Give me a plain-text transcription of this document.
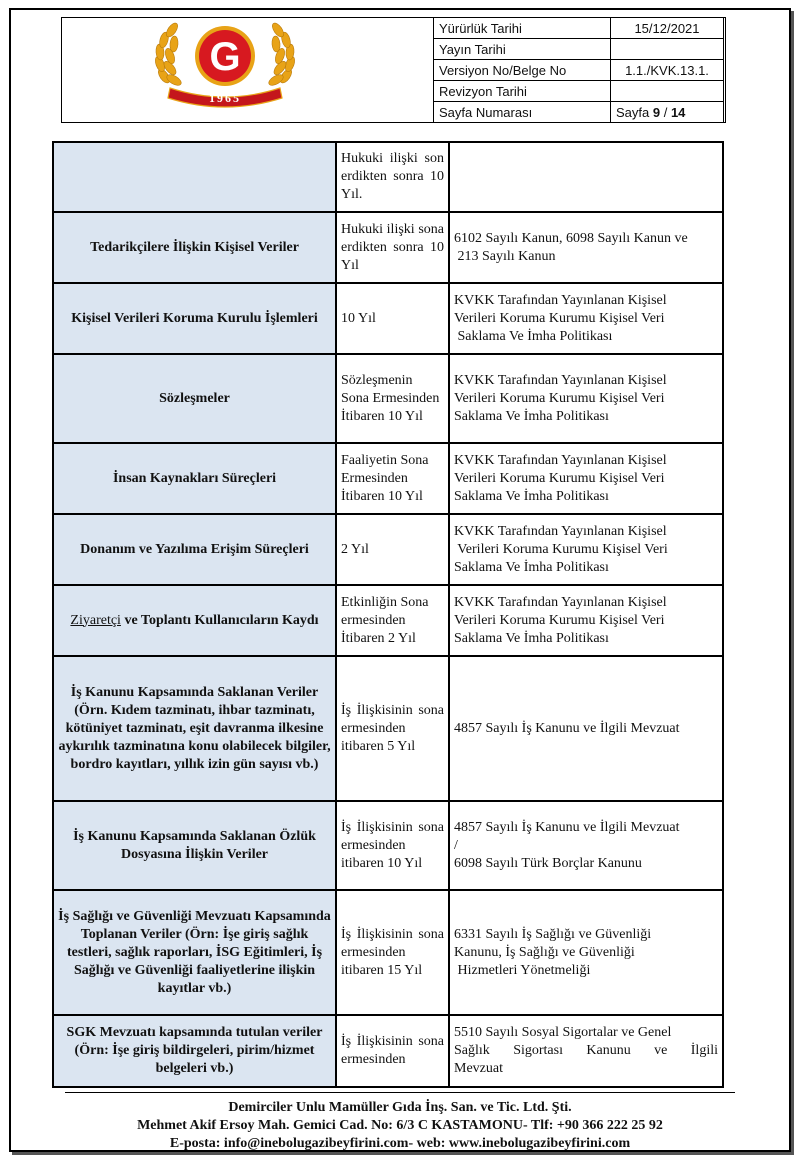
G
1965
Yürürlük Tarihi	15/12/2021
Yayın Tarihi	
Versiyon No/Belge No	1.1./KVK.13.1.
Revizyon Tarihi	
Sayfa Numarası	Sayfa 9 / 14
	Hukuki ilişki son erdikten sonra 10 Yıl.	
Tedarikçilere İlişkin Kişisel Veriler	Hukuki ilişki sona erdikten sonra 10 Yıl	6102 Sayılı Kanun, 6098 Sayılı Kanun ve
213 Sayılı Kanun

Kişisel Verileri Koruma Kurulu İşlemleri	10 Yıl	KVKK Tarafından Yayınlanan Kişisel
Verileri Koruma Kurumu Kişisel Veri
Saklama Ve İmha Politikası

Sözleşmeler	Sözleşmenin Sona Ermesinden İtibaren 10 Yıl	KVKK Tarafından Yayınlanan Kişisel
Verileri Koruma Kurumu Kişisel Veri
Saklama Ve İmha Politikası

İnsan Kaynakları Süreçleri	Faaliyetin Sona Ermesinden İtibaren 10 Yıl	KVKK Tarafından Yayınlanan Kişisel
Verileri Koruma Kurumu Kişisel Veri
Saklama Ve İmha Politikası

Donanım ve Yazılıma Erişim Süreçleri	2 Yıl	KVKK Tarafından Yayınlanan Kişisel
Verileri Koruma Kurumu Kişisel Veri
Saklama Ve İmha Politikası

Ziyaretçi ve Toplantı Kullanıcıların Kaydı	Etkinliğin Sona ermesinden İtibaren 2 Yıl	KVKK Tarafından Yayınlanan Kişisel
Verileri Koruma Kurumu Kişisel Veri
Saklama Ve İmha Politikası

İş Kanunu Kapsamında Saklanan Veriler (Örn. Kıdem tazminatı, ihbar tazminatı, kötüniyet tazminatı, eşit davranma ilkesine aykırılık tazminatına konu olabilecek bilgiler, bordro kayıtları, yıllık izin gün sayısı vb.)	İş İlişkisinin sona ermesinden itibaren 5 Yıl	4857 Sayılı İş Kanunu ve İlgili Mevzuat

İş Kanunu Kapsamında Saklanan Özlük Dosyasına İlişkin Veriler	İş İlişkisinin sona ermesinden itibaren 10 Yıl	4857 Sayılı İş Kanunu ve İlgili Mevzuat
/
6098 Sayılı Türk Borçlar Kanunu

İş Sağlığı ve Güvenliği Mevzuatı Kapsamında Toplanan Veriler (Örn: İşe giriş sağlık testleri, sağlık raporları, İSG Eğitimleri, İş Sağlığı ve Güvenliği faaliyetlerine ilişkin kayıtlar vb.)	İş İlişkisinin sona ermesinden itibaren 15 Yıl	6331 Sayılı İş Sağlığı ve Güvenliği
Kanunu, İş Sağlığı ve Güvenliği
Hizmetleri Yönetmeliği

SGK Mevzuatı kapsamında tutulan veriler (Örn: İşe giriş bildirgeleri, pirim/hizmet belgeleri vb.)	İş İlişkisinin sona ermesinden	5510 Sayılı Sosyal Sigortalar ve Genel
Sağlık Sigortası Kanunu ve İlgili
Mevzuat
Demirciler Unlu Mamüller Gıda İnş. San. ve Tic. Ltd. Şti.
Mehmet Akif Ersoy Mah. Gemici Cad. No: 6/3 C KASTAMONU- Tlf: +90 366 222 25 92
E-posta: info@inebolugazibeyfirini.com- web: www.inebolugazibeyfirini.com
